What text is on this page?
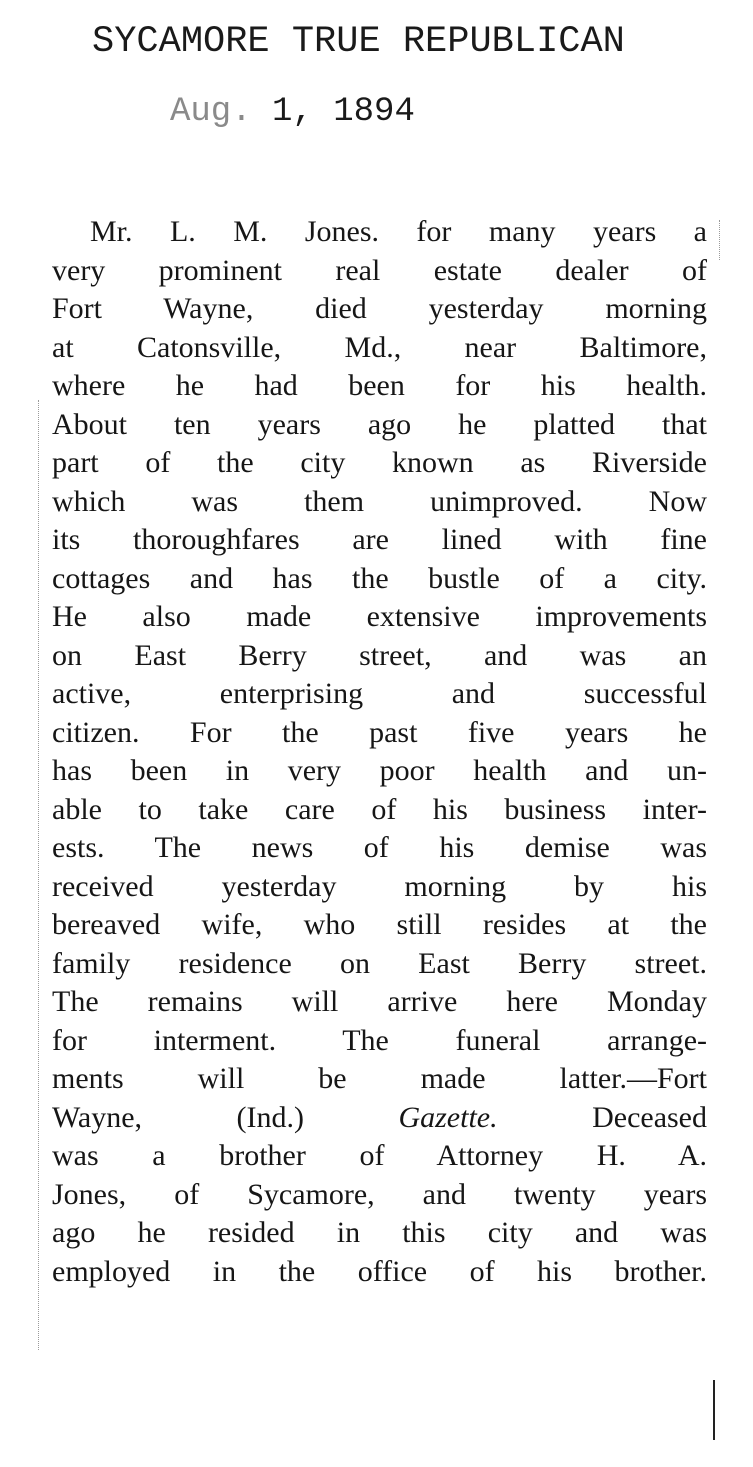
SYCAMORE TRUE REPUBLICAN
Aug. 1, 1894
Mr. L. M. Jones. for many years a
very prominent real estate dealer of
Fort Wayne, died yesterday morning
at Catonsville, Md., near Baltimore,
where he had been for his health.
About ten years ago he platted that
part of the city known as Riverside
which was them unimproved. Now
its thoroughfares are lined with fine
cottages and has the bustle of a city.
He also made extensive improvements
on East Berry street, and was an
active, enterprising and successful
citizen. For the past five years he
has been in very poor health and un-
able to take care of his business inter-
ests. The news of his demise was
received yesterday morning by his
bereaved wife, who still resides at the
family residence on East Berry street.
The remains will arrive here Monday
for interment. The funeral arrange-
ments will be made latter.—Fort
Wayne, (Ind.) Gazette. Deceased
was a brother of Attorney H. A.
Jones, of Sycamore, and twenty years
ago he resided in this city and was
employed in the office of his brother.
